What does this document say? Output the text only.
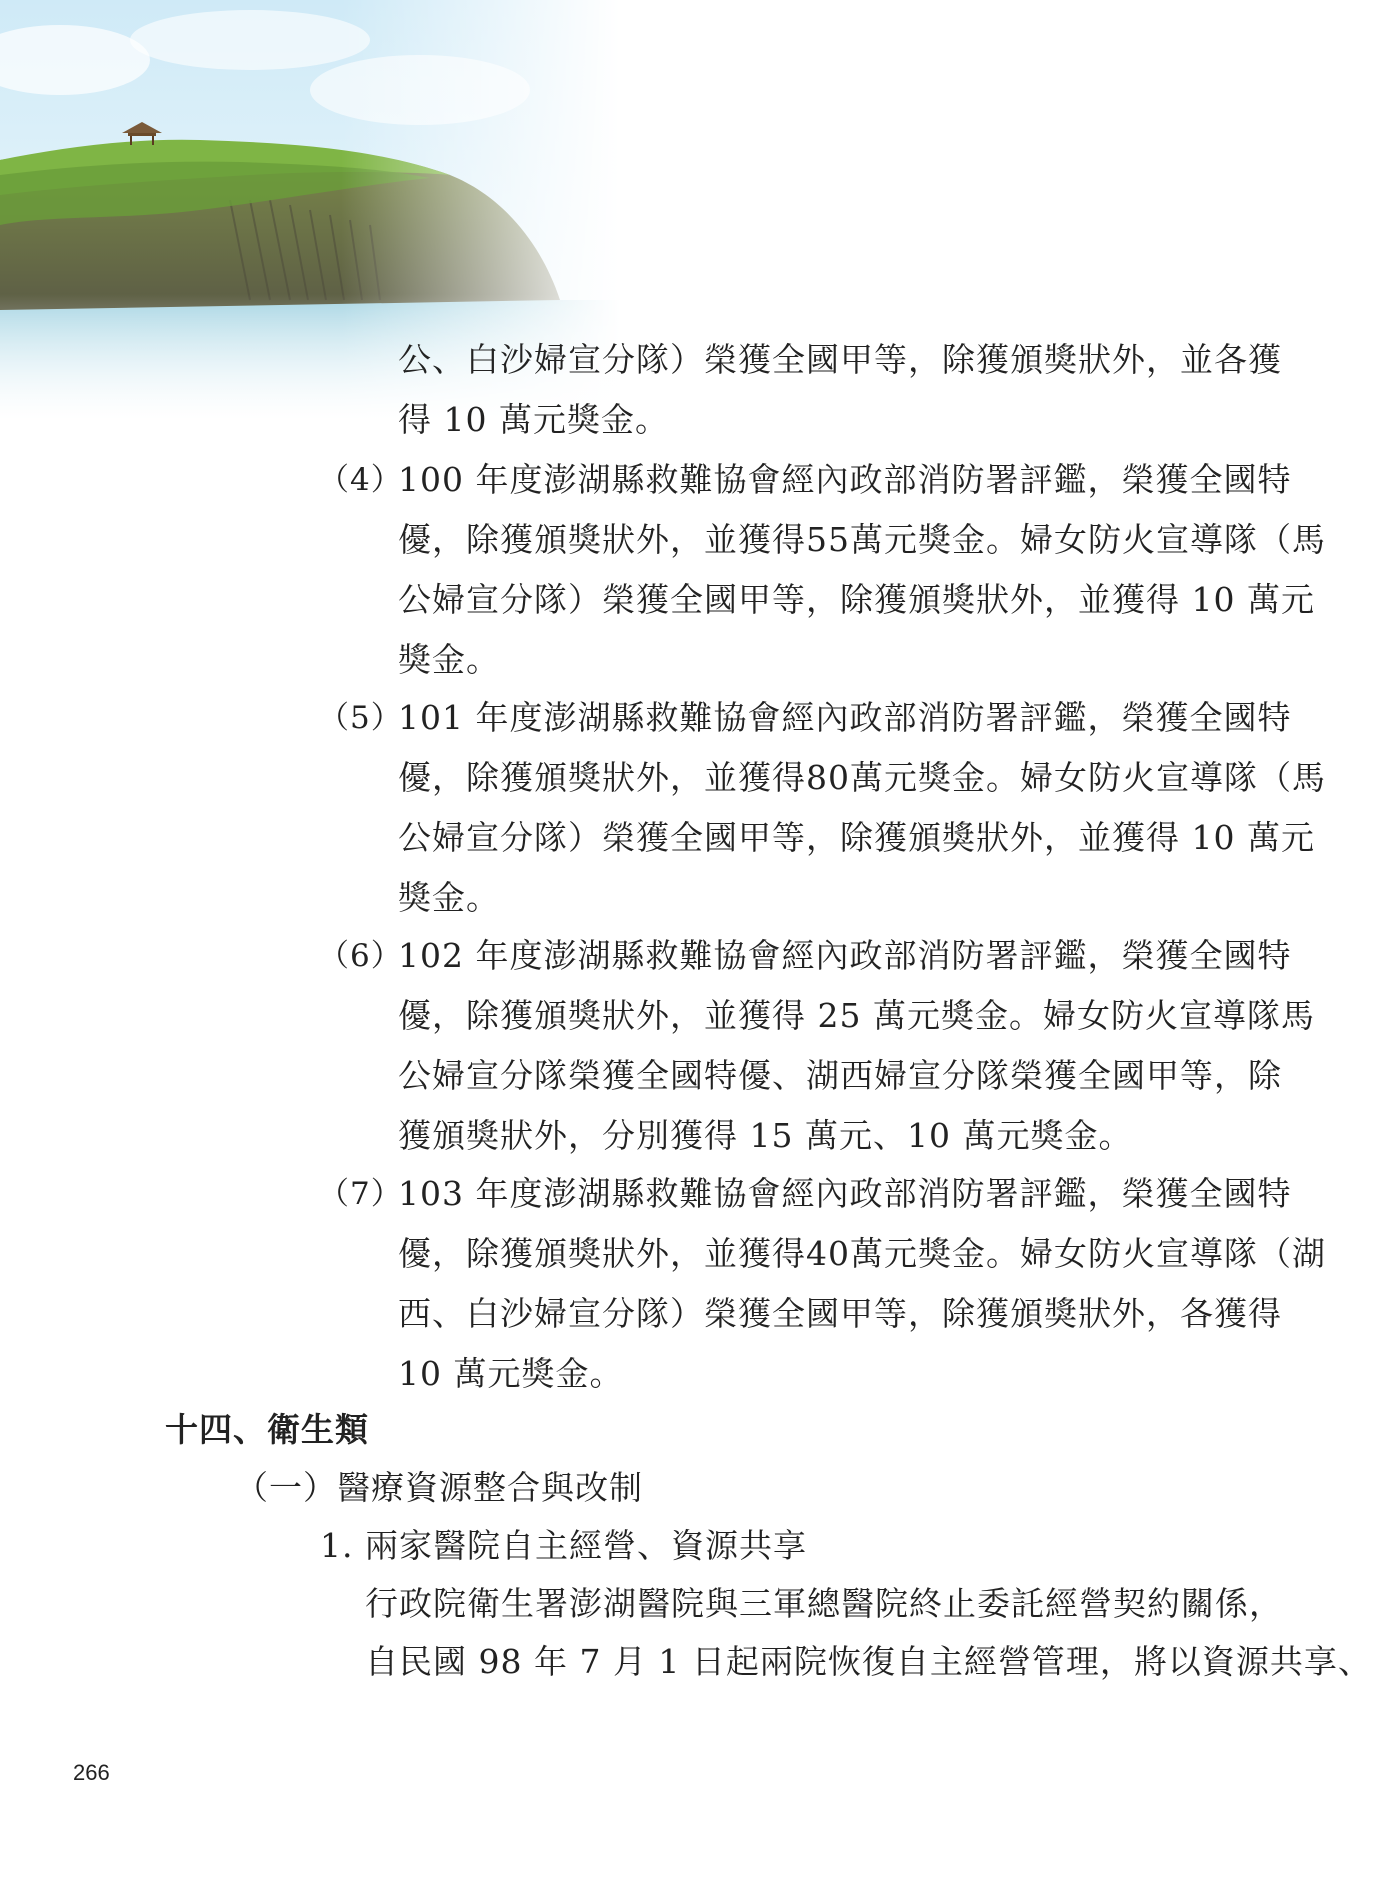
公、白沙婦宣分隊）榮獲全國甲等，除獲頒獎狀外，並各獲
得 10 萬元獎金。
（4）
100 年度澎湖縣救難協會經內政部消防署評鑑，榮獲全國特
優，除獲頒獎狀外，並獲得55萬元獎金。婦女防火宣導隊（馬
公婦宣分隊）榮獲全國甲等，除獲頒獎狀外，並獲得 10 萬元
獎金。
（5）
101 年度澎湖縣救難協會經內政部消防署評鑑，榮獲全國特
優，除獲頒獎狀外，並獲得80萬元獎金。婦女防火宣導隊（馬
公婦宣分隊）榮獲全國甲等，除獲頒獎狀外，並獲得 10 萬元
獎金。
（6）
102 年度澎湖縣救難協會經內政部消防署評鑑，榮獲全國特
優，除獲頒獎狀外，並獲得 25 萬元獎金。婦女防火宣導隊馬
公婦宣分隊榮獲全國特優、湖西婦宣分隊榮獲全國甲等，除
獲頒獎狀外，分別獲得 15 萬元、10 萬元獎金。
（7）
103 年度澎湖縣救難協會經內政部消防署評鑑，榮獲全國特
優，除獲頒獎狀外，並獲得40萬元獎金。婦女防火宣導隊（湖
西、白沙婦宣分隊）榮獲全國甲等，除獲頒獎狀外，各獲得
10 萬元獎金。
十四、衛生類
（一）醫療資源整合與改制
1. 兩家醫院自主經營、資源共享
行政院衛生署澎湖醫院與三軍總醫院終止委託經營契約關係，
自民國 98 年 7 月 1 日起兩院恢復自主經營管理，將以資源共享、
266
